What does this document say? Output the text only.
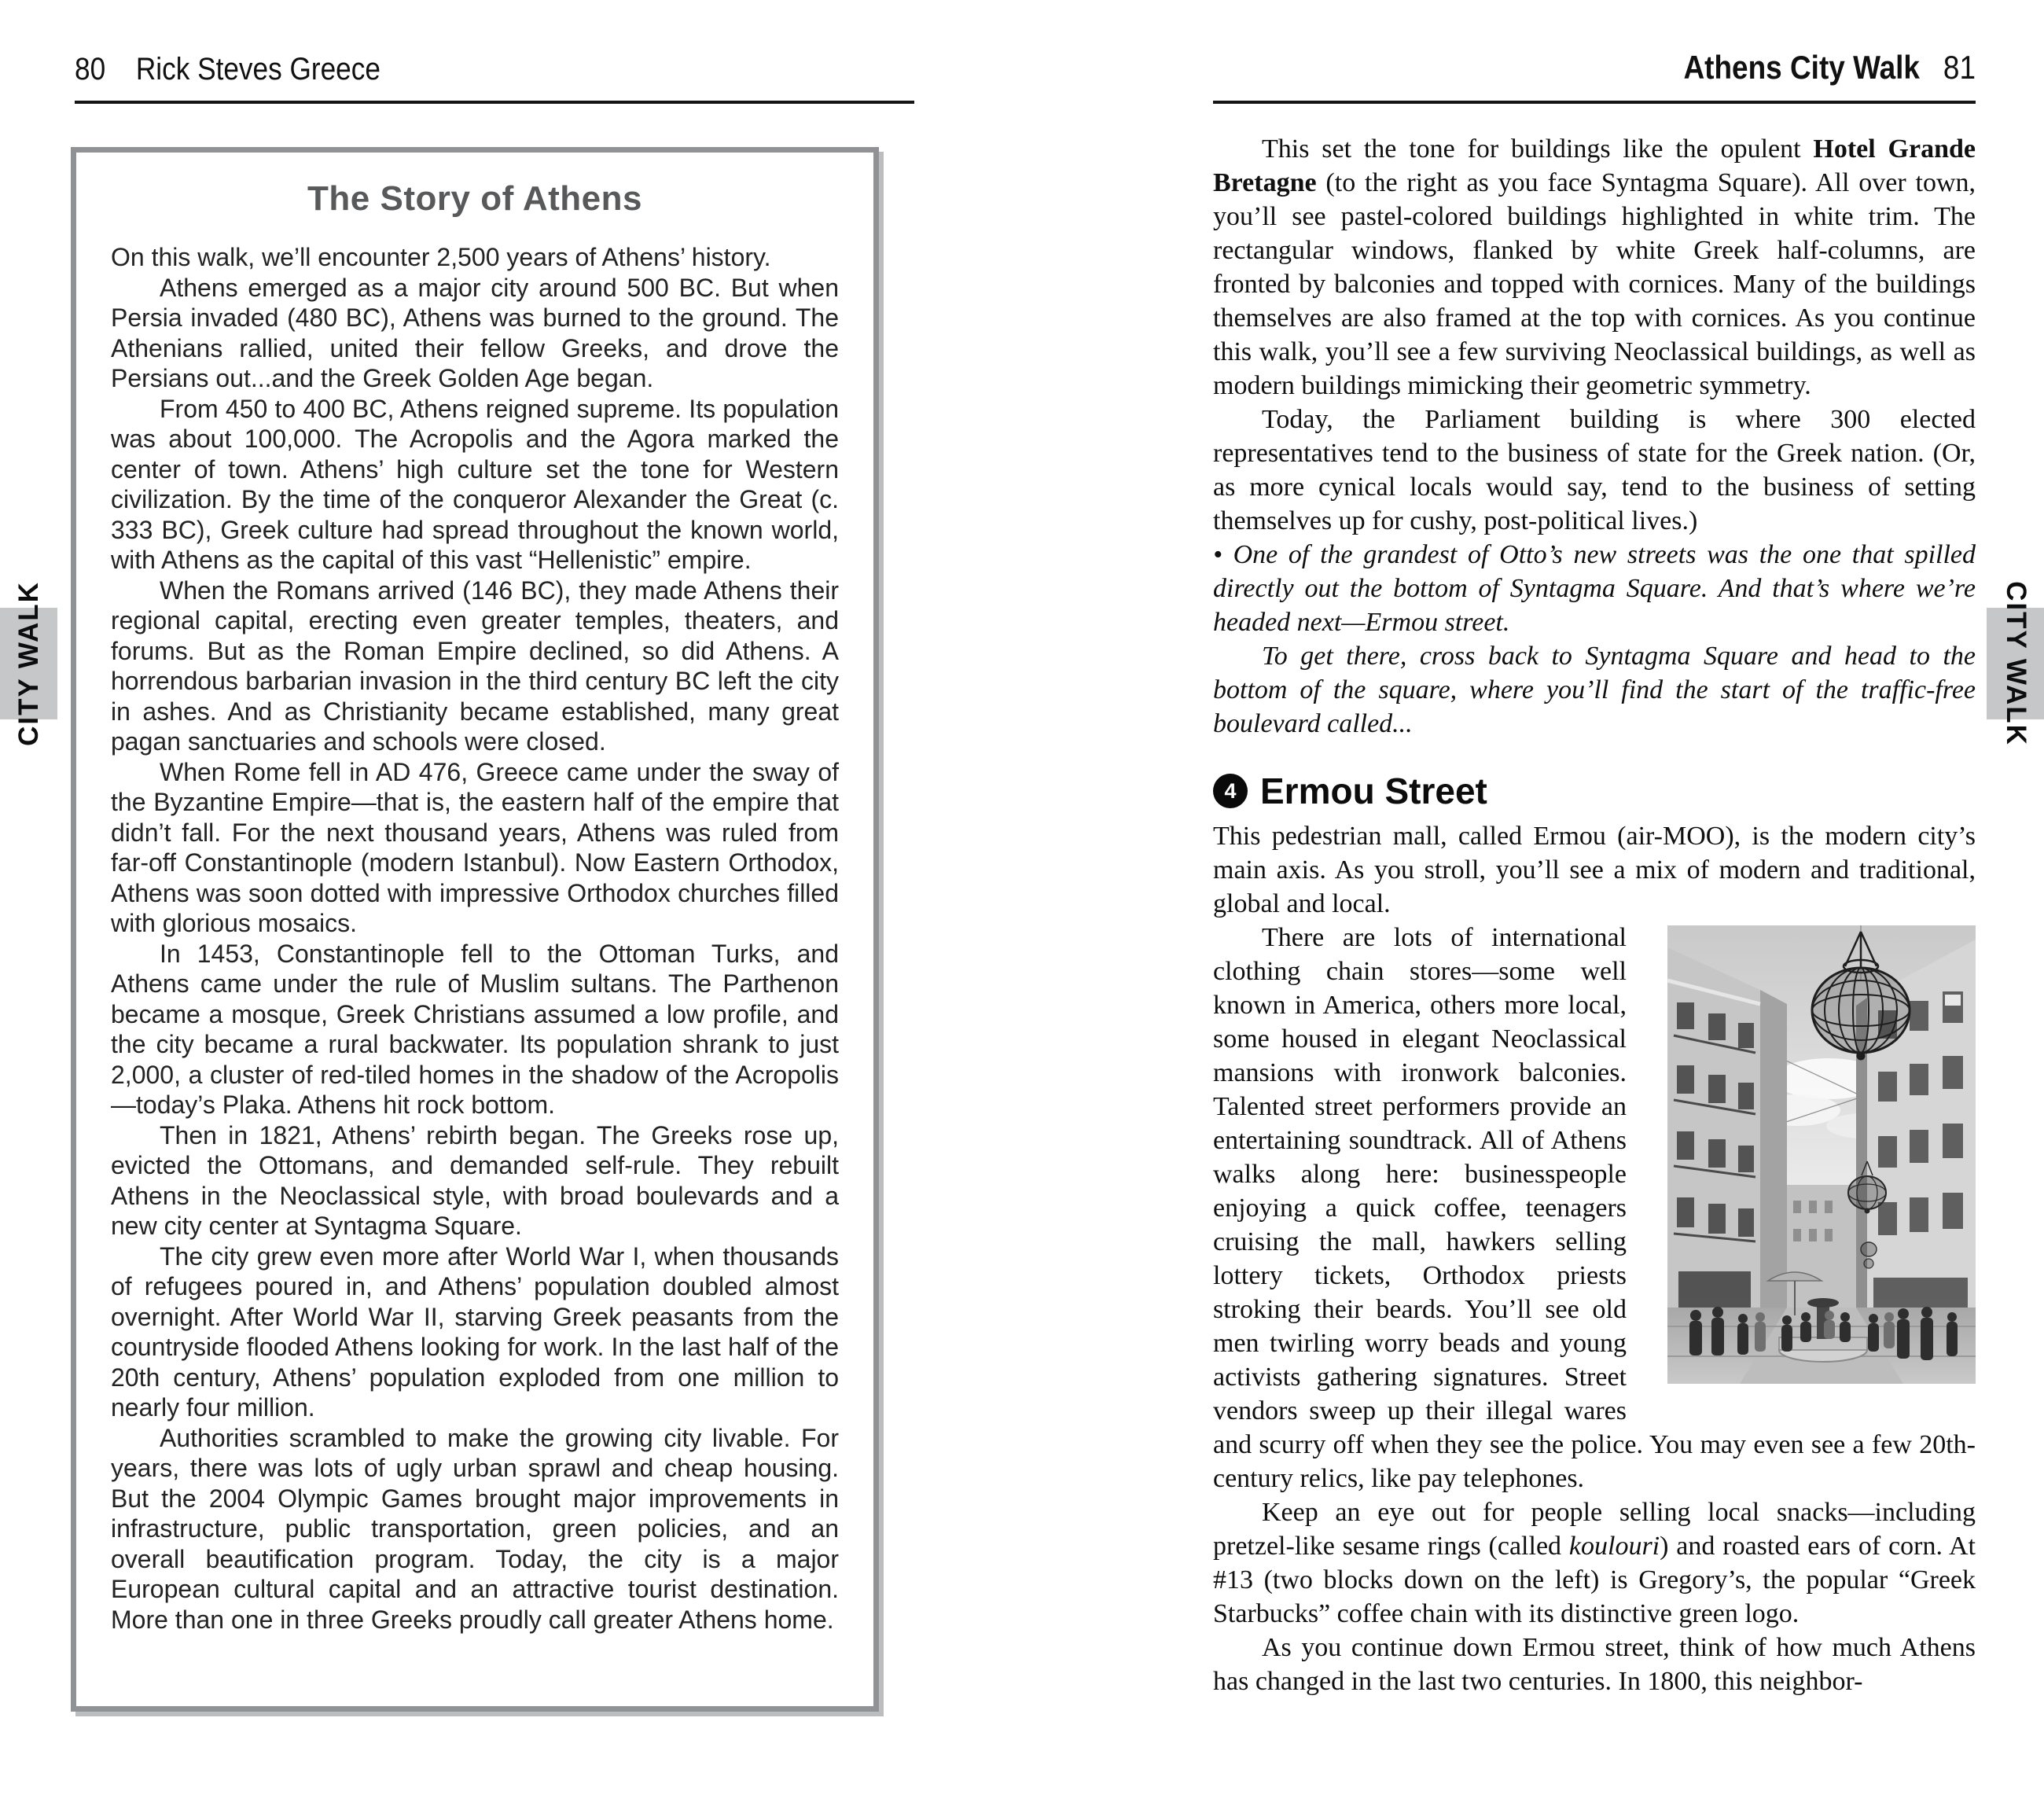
80 Rick Steves Greece	Athens City Walk 81
CITY WALK	CITY WALK
The Story of Athens

On this walk, we’ll encounter 2,500 years of Athens’ history.

Athens emerged as a major city around 500 BC. But when Persia invaded (480 BC), Athens was burned to the ground. The Athenians rallied, united their fellow Greeks, and drove the Persians out...and the Greek Golden Age began.

From 450 to 400 BC, Athens reigned supreme. Its population was about 100,000. The Acropolis and the Agora marked the center of town. Athens’ high culture set the tone for Western civilization. By the time of the conqueror Alexander the Great (c. 333 BC), Greek culture had spread throughout the known world, with Athens as the capital of this vast “Hellenistic” empire.

When the Romans arrived (146 BC), they made Athens their regional capital, erecting even greater temples, theaters, and forums. But as the Roman Empire declined, so did Athens. A horrendous barbarian invasion in the third century BC left the city in ashes. And as Christianity became established, many great pagan sanctuaries and schools were closed.

When Rome fell in AD 476, Greece came under the sway of the Byzantine Empire—that is, the eastern half of the empire that didn’t fall. For the next thousand years, Athens was ruled from far-off Constantinople (modern Istanbul). Now Eastern Orthodox, Athens was soon dotted with impressive Orthodox churches filled with glorious mosaics.

In 1453, Constantinople fell to the Ottoman Turks, and Athens came under the rule of Muslim sultans. The Parthenon became a mosque, Greek Christians assumed a low profile, and the city became a rural backwater. Its population shrank to just 2,000, a cluster of red-tiled homes in the shadow of the Acropolis—today’s Plaka. Athens hit rock bottom.

Then in 1821, Athens’ rebirth began. The Greeks rose up, evicted the Ottomans, and demanded self-rule. They rebuilt Athens in the Neoclassical style, with broad boulevards and a new city center at Syntagma Square.

The city grew even more after World War I, when thousands of refugees poured in, and Athens’ population doubled almost overnight. After World War II, starving Greek peasants from the countryside flooded Athens looking for work. In the last half of the 20th century, Athens’ population exploded from one million to nearly four million.

Authorities scrambled to make the growing city livable. For years, there was lots of ugly urban sprawl and cheap housing. But the 2004 Olympic Games brought major improvements in infrastructure, public transportation, green policies, and an overall beautification program. Today, the city is a major European cultural capital and an attractive tourist destination. More than one in three Greeks proudly call greater Athens home.

This set the tone for buildings like the opulent Hotel Grande Bretagne (to the right as you face Syntagma Square). All over town, you’ll see pastel-colored buildings highlighted in white trim. The rectangular windows, flanked by white Greek half-columns, are fronted by balconies and topped with cornices. Many of the buildings themselves are also framed at the top with cornices. As you continue this walk, you’ll see a few surviving Neoclassical buildings, as well as modern buildings mimicking their geometric symmetry.

Today, the Parliament building is where 300 elected representatives tend to the business of state for the Greek nation. (Or, as more cynical locals would say, tend to the business of setting themselves up for cushy, post-political lives.)

• One of the grandest of Otto’s new streets was the one that spilled directly out the bottom of Syntagma Square. And that’s where we’re headed next—Ermou street.

To get there, cross back to Syntagma Square and head to the bottom of the square, where you’ll find the start of the traffic-free boulevard called...

4 Ermou Street

This pedestrian mall, called Ermou (air-MOO), is the modern city’s main axis. As you stroll, you’ll see a mix of modern and traditional, global and local.

There are lots of international clothing chain stores—some well known in America, others more local, some housed in elegant Neoclassical mansions with ironwork balconies. Talented street performers provide an entertaining soundtrack. All of Athens walks along here: businesspeople enjoying a quick coffee, teenagers cruising the mall, hawkers selling lottery tickets, Orthodox priests stroking their beards. You’ll see old men twirling worry beads and young activists gathering signatures. Street vendors sweep up their illegal wares and scurry off when they see the police. You may even see a few 20th-century relics, like pay telephones.

Keep an eye out for people selling local snacks—including pretzel-like sesame rings (called koulouri) and roasted ears of corn. At #13 (two blocks down on the left) is Gregory’s, the popular “Greek Starbucks” coffee chain with its distinctive green logo.

As you continue down Ermou street, think of how much Athens has changed in the last two centuries. In 1800, this neighbor-
